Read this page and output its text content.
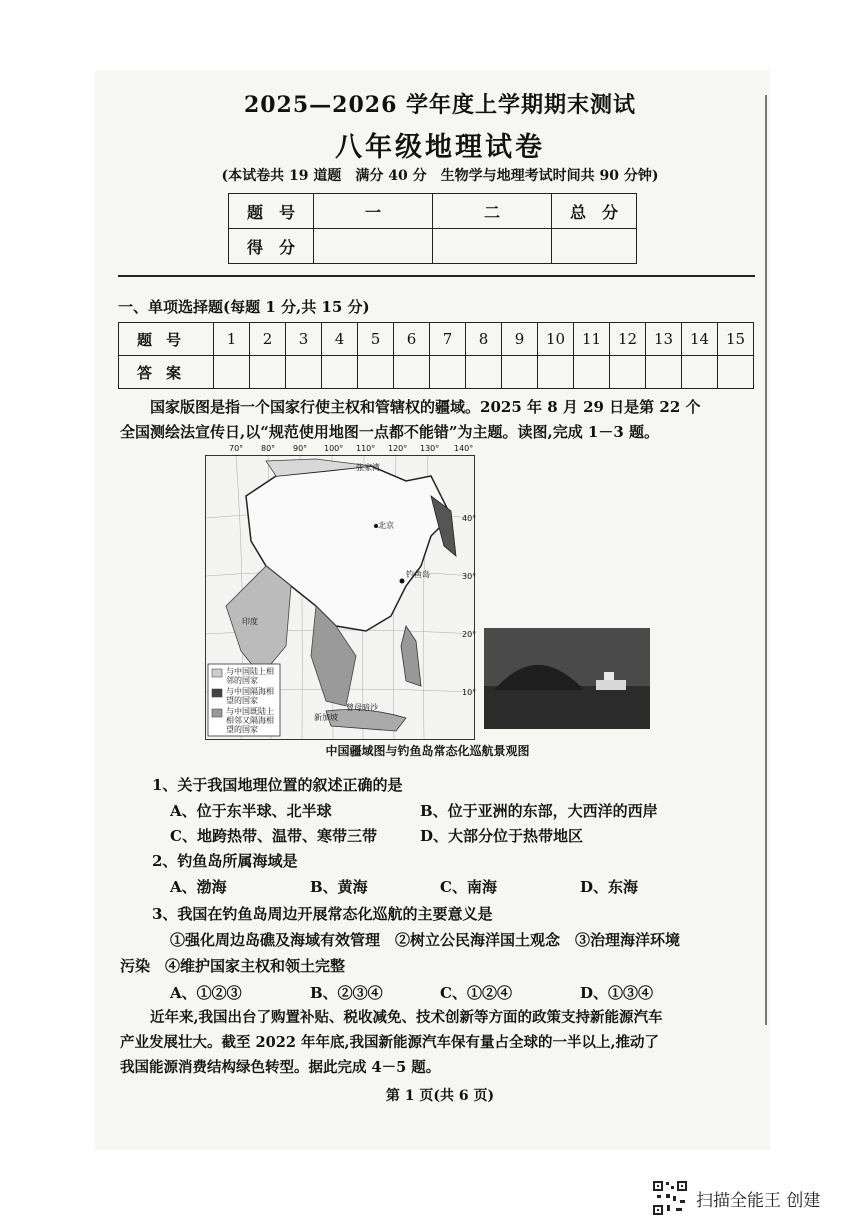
2025—2026 学年度上学期期末测试
八年级地理试卷
(本试卷共 19 道题　满分 40 分　生物学与地理考试时间共 90 分钟)
题　号	一	二	总　分
得　分			
一、单项选择题(每题 1 分,共 15 分)
题号	1	2	3	4	5	6	7	8	9	10	11	12	13	14	15
答案															
国家版图是指一个国家行使主权和管辖权的疆域。2025 年 8 月 29 日是第 22 个
全国测绘法宣传日,以“规范使用地图一点都不能错”为主题。读图,完成 1－3 题。
70° 80° 90° 100° 110° 120° 130° 140°
40°
30°
20°
10°
张家湾
北京
印度
钓鱼岛
曾母暗沙
新加坡
与中国陆上相邻的国家
与中国隔海相望的国家
与中国既陆上相邻又隔海相望的国家
中国疆域图与钓鱼岛常态化巡航景观图
1、关于我国地理位置的叙述正确的是
A、位于东半球、北半球	B、位于亚洲的东部，大西洋的西岸
C、地跨热带、温带、寒带三带	D、大部分位于热带地区
2、钓鱼岛所属海域是
A、渤海	B、黄海	C、南海	D、东海
3、我国在钓鱼岛周边开展常态化巡航的主要意义是
①强化周边岛礁及海域有效管理　②树立公民海洋国土观念　③治理海洋环境
污染　④维护国家主权和领土完整
A、①②③	B、②③④	C、①②④	D、①③④
近年来,我国出台了购置补贴、税收减免、技术创新等方面的政策支持新能源汽车
产业发展壮大。截至 2022 年年底,我国新能源汽车保有量占全球的一半以上,推动了
我国能源消费结构绿色转型。据此完成 4－5 题。
第 1 页(共 6 页)
扫描全能王 创建
